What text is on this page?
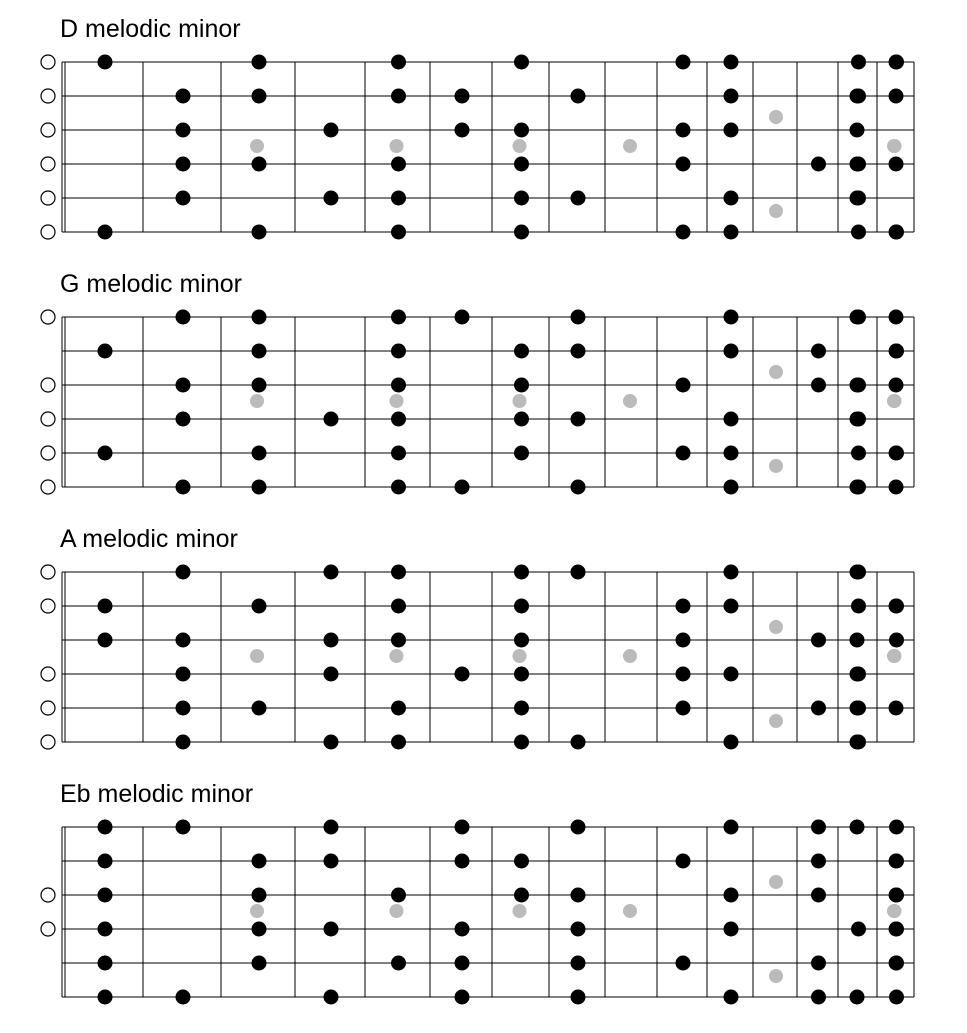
D melodic minor
G melodic minor
A melodic minor
Eb melodic minor
